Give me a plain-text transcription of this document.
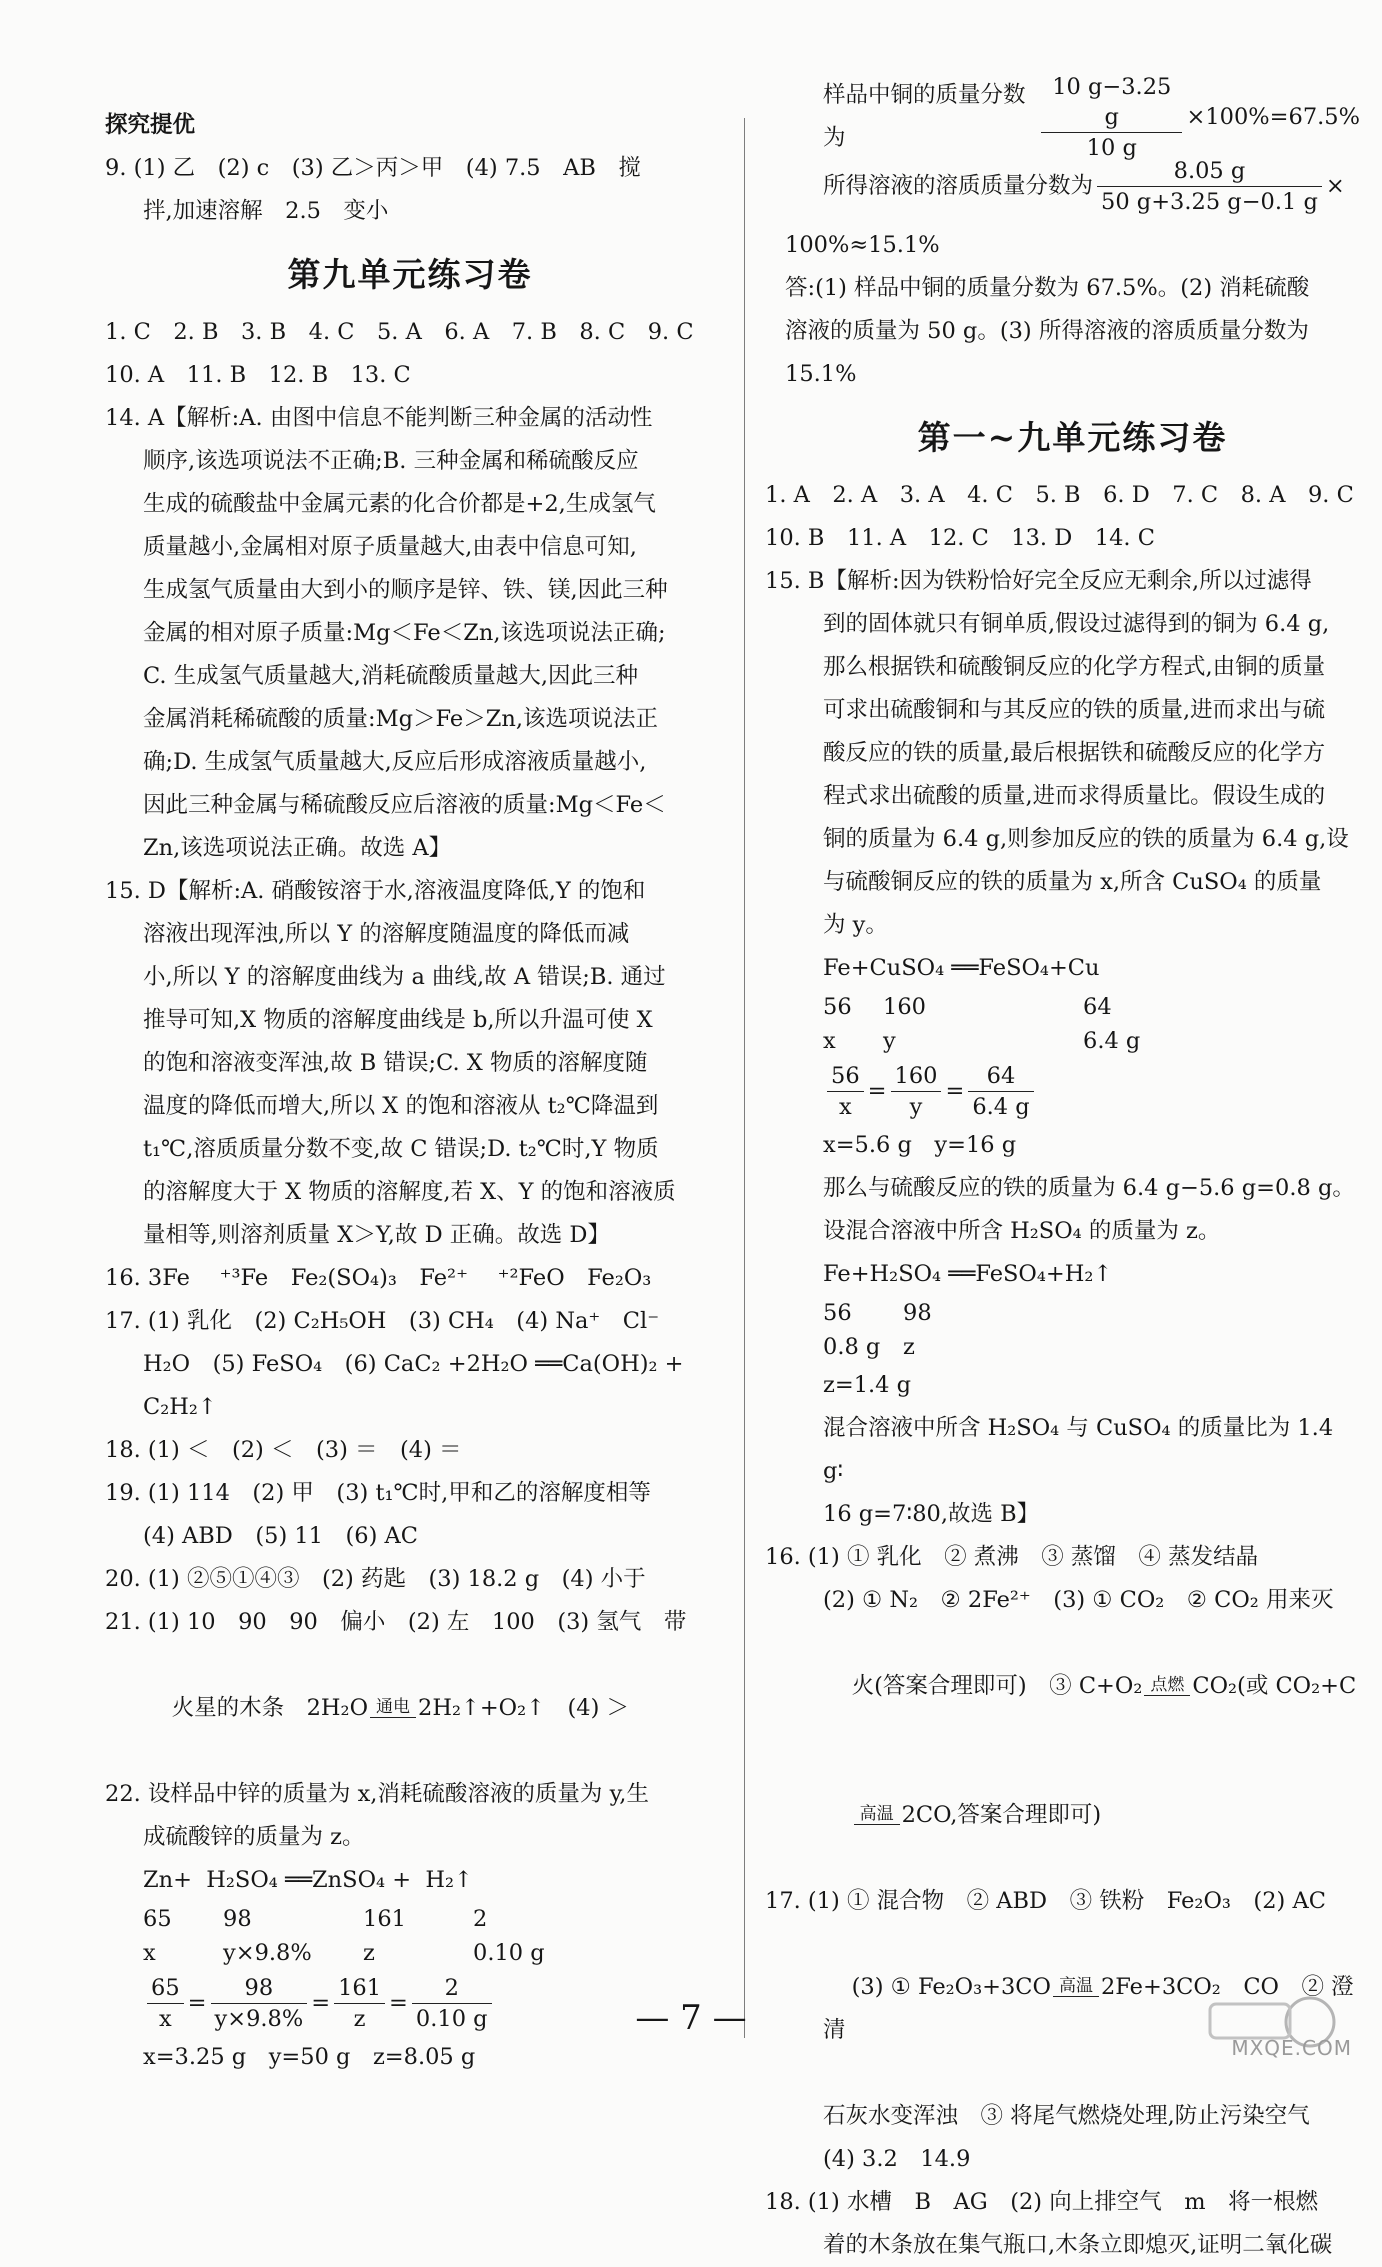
探究提优
9. (1) 乙　(2) c　(3) 乙＞丙＞甲　(4) 7.5　AB　搅
拌,加速溶解　2.5　变小
第九单元练习卷
1. C　2. B　3. B　4. C　5. A　6. A　7. B　8. C　9. C
10. A　11. B　12. B　13. C
14. A【解析:A. 由图中信息不能判断三种金属的活动性
顺序,该选项说法不正确;B. 三种金属和稀硫酸反应
生成的硫酸盐中金属元素的化合价都是+2,生成氢气
质量越小,金属相对原子质量越大,由表中信息可知,
生成氢气质量由大到小的顺序是锌、铁、镁,因此三种
金属的相对原子质量:Mg＜Fe＜Zn,该选项说法正确;
C. 生成氢气质量越大,消耗硫酸质量越大,因此三种
金属消耗稀硫酸的质量:Mg＞Fe＞Zn,该选项说法正
确;D. 生成氢气质量越大,反应后形成溶液质量越小,
因此三种金属与稀硫酸反应后溶液的质量:Mg＜Fe＜
Zn,该选项说法正确。故选 A】
15. D【解析:A. 硝酸铵溶于水,溶液温度降低,Y 的饱和
溶液出现浑浊,所以 Y 的溶解度随温度的降低而减
小,所以 Y 的溶解度曲线为 a 曲线,故 A 错误;B. 通过
推导可知,X 物质的溶解度曲线是 b,所以升温可使 X
的饱和溶液变浑浊,故 B 错误;C. X 物质的溶解度随
温度的降低而增大,所以 X 的饱和溶液从 t₂℃降温到
t₁℃,溶质质量分数不变,故 C 错误;D. t₂℃时,Y 物质
的溶解度大于 X 物质的溶解度,若 X、Y 的饱和溶液质
量相等,则溶剂质量 X＞Y,故 D 正确。故选 D】
16. 3Fe　 ⁺³Fe　Fe₂(SO₄)₃　Fe²⁺　 ⁺²FeO　Fe₂O₃
17. (1) 乳化　(2) C₂H₅OH　(3) CH₄　(4) Na⁺　Cl⁻
H₂O　(5) FeSO₄　(6) CaC₂ +2H₂O ══Ca(OH)₂ +
C₂H₂↑
18. (1) ＜　(2) ＜　(3) ＝　(4) ＝
19. (1) 114　(2) 甲　(3) t₁℃时,甲和乙的溶解度相等
(4) ABD　(5) 11　(6) AC
20. (1) ②⑤①④③　(2) 药匙　(3) 18.2 g　(4) 小于
21. (1) 10　90　90　偏小　(2) 左　100　(3) 氢气　带

火星的木条　2H₂O 通电 2H₂↑+O₂↑　(4) ＞

22. 设样品中锌的质量为 x,消耗硫酸溶液的质量为 y,生
成硫酸锌的质量为 z。
Zn+  H₂SO₄ ══ZnSO₄ +  H₂↑
65	98	161	2
x	y×9.8%	z	0.10 g
$\frac{65}{x} = \frac{98}{y\times 9.8\%} = \frac{161}{z} = \frac{2}{0.10 g}$
x=3.25 g　y=50 g　z=8.05 g
样品中铜的质量分数为	$\frac{10 g-3.25 g}{10 g} \times 100\%=67.5\%$
所得溶液的溶质质量分数为 $\frac{8.05 g}{50 g+3.25 g-0.1 g}$ ×
100%≈15.1%
答:(1) 样品中铜的质量分数为 67.5%。(2) 消耗硫酸
溶液的质量为 50 g。(3) 所得溶液的溶质质量分数为
15.1%
第一~九单元练习卷
1. A　2. A　3. A　4. C　5. B　6. D　7. C　8. A　9. C
10. B　11. A　12. C　13. D　14. C
15. B【解析:因为铁粉恰好完全反应无剩余,所以过滤得
到的固体就只有铜单质,假设过滤得到的铜为 6.4 g,
那么根据铁和硫酸铜反应的化学方程式,由铜的质量
可求出硫酸铜和与其反应的铁的质量,进而求出与硫
酸反应的铁的质量,最后根据铁和硫酸反应的化学方
程式求出硫酸的质量,进而求得质量比。假设生成的
铜的质量为 6.4 g,则参加反应的铁的质量为 6.4 g,设
与硫酸铜反应的铁的质量为 x,所含 CuSO₄ 的质量
为 y。
Fe+CuSO₄ ══FeSO₄+Cu
56	160	64
x	y	6.4 g
$\frac{56}{x} = \frac{160}{y} = \frac{64}{6.4 g}$
x=5.6 g　y=16 g
那么与硫酸反应的铁的质量为 6.4 g−5.6 g=0.8 g。
设混合溶液中所含 H₂SO₄ 的质量为 z。
Fe+H₂SO₄ ══FeSO₄+H₂↑
56	98
0.8 g	z
z=1.4 g
混合溶液中所含 H₂SO₄ 与 CuSO₄ 的质量比为 1.4 g∶
16 g=7∶80,故选 B】
16. (1) ① 乳化　② 煮沸　③ 蒸馏　④ 蒸发结晶
(2) ① N₂　② 2Fe²⁺　(3) ① CO₂　② CO₂ 用来灭

火(答案合理即可)　③ C+O₂ 点燃 CO₂(或 CO₂+C

高温 2CO,答案合理即可)

17. (1) ① 混合物　② ABD　③ 铁粉　Fe₂O₃　(2) AC

(3) ① Fe₂O₃+3CO 高温 2Fe+3CO₂　CO　② 澄清

石灰水变浑浊　③ 将尾气燃烧处理,防止污染空气
(4) 3.2　14.9
18. (1) 水槽　B　AG　(2) 向上排空气　m　将一根燃
着的木条放在集气瓶口,木条立即熄灭,证明二氧化碳
— 7 —
MXQE.COM
